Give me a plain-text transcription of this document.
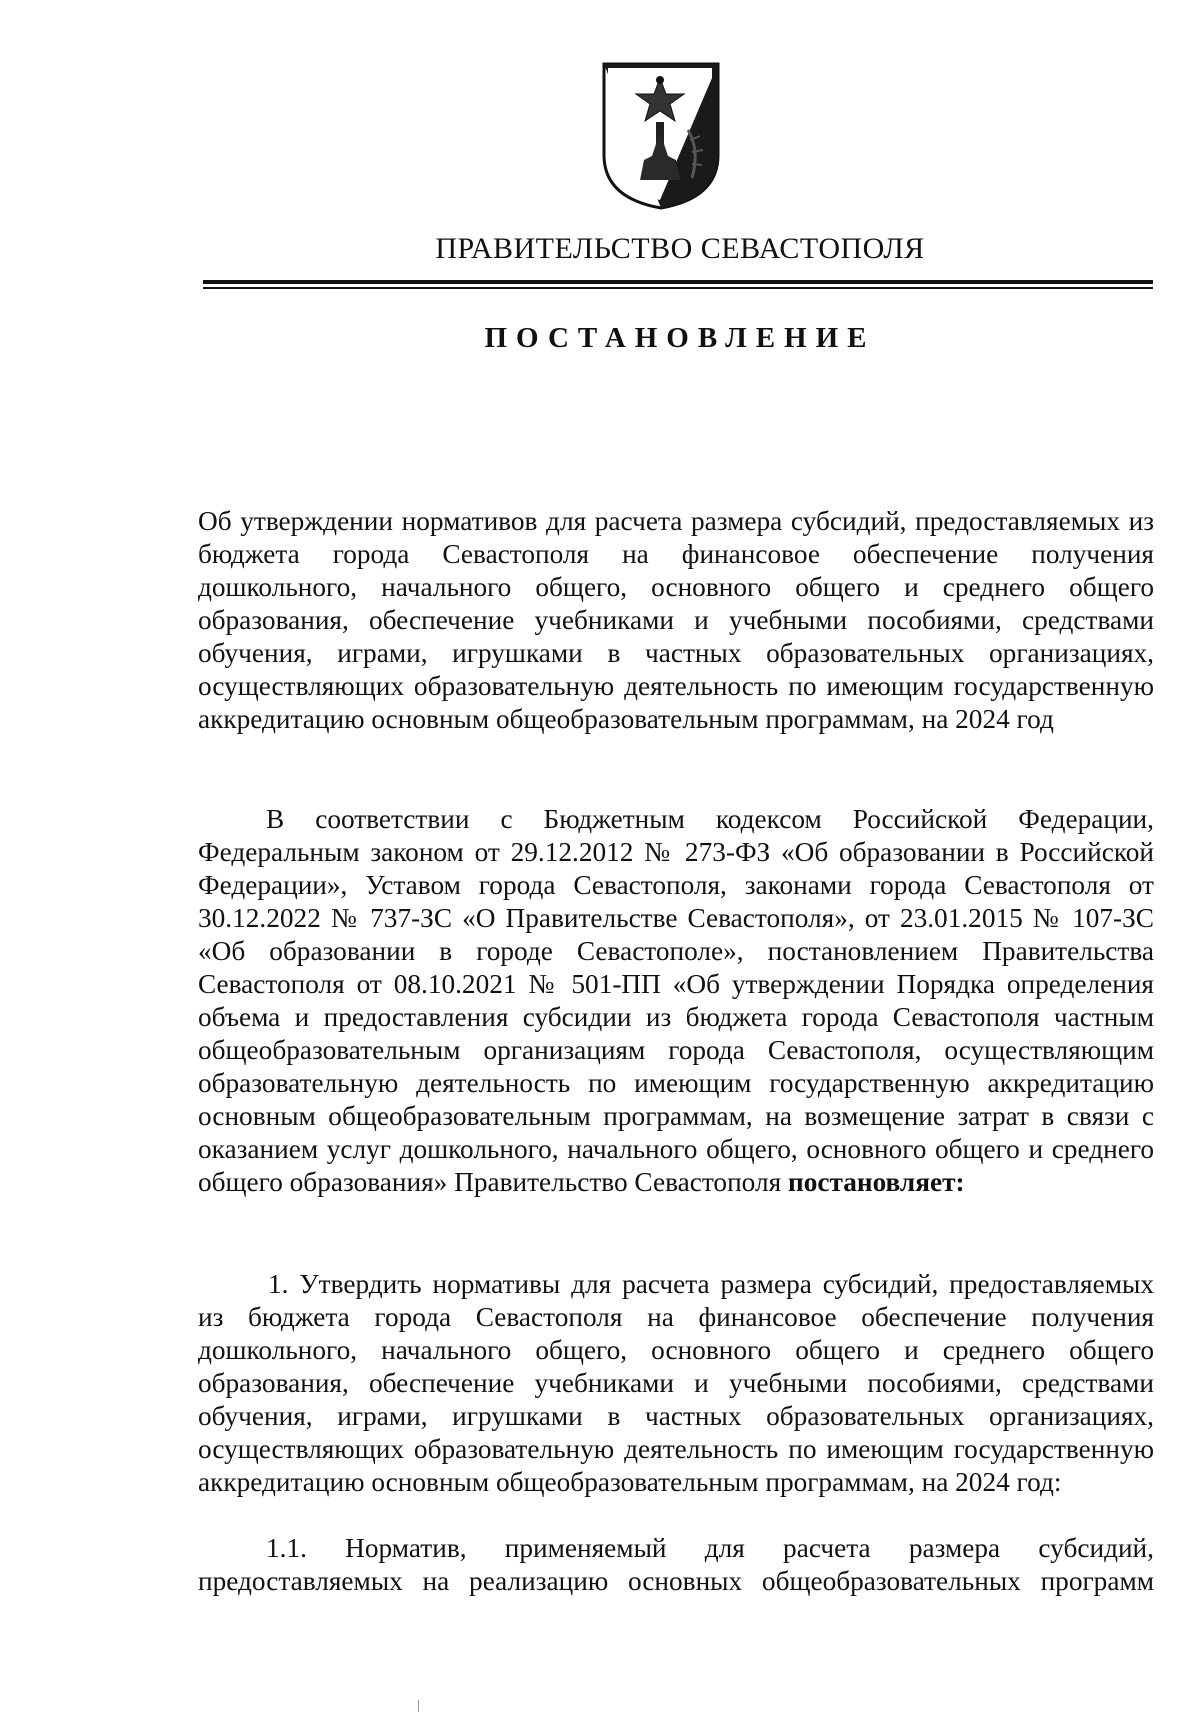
ПРАВИТЕЛЬСТВО СЕВАСТОПОЛЯ
ПОСТАНОВЛЕНИЕ

Об утверждении нормативов для расчета размера субсидий, предоставляемых из бюджета города Севастополя на финансовое обеспечение получения дошкольного, начального общего, основного общего и среднего общего образования, обеспечение учебниками и учебными пособиями, средствами обучения, играми, игрушками в частных образовательных организациях, осуществляющих образовательную деятельность по имеющим государственную аккредитацию основным общеобразовательным программам, на 2024 год

В соответствии с Бюджетным кодексом Российской Федерации, Федеральным законом от 29.12.2012 № 273-ФЗ «Об образовании в Российской Федерации», Уставом города Севастополя, законами города Севастополя от 30.12.2022 № 737-ЗС «О Правительстве Севастополя», от 23.01.2015 № 107-ЗС «Об образовании в городе Севастополе», постановлением Правительства Севастополя от 08.10.2021 № 501-ПП «Об утверждении Порядка определения объема и предоставления субсидии из бюджета города Севастополя частным общеобразовательным организациям города Севастополя, осуществляющим образовательную деятельность по имеющим государственную аккредитацию основным общеобразовательным программам, на возмещение затрат в связи с оказанием услуг дошкольного, начального общего, основного общего и среднего общего образования» Правительство Севастополя постановляет:

1. Утвердить нормативы для расчета размера субсидий, предоставляемых из бюджета города Севастополя на финансовое обеспечение получения дошкольного, начального общего, основного общего и среднего общего образования, обеспечение учебниками и учебными пособиями, средствами обучения, играми, игрушками в частных образовательных организациях, осуществляющих образовательную деятельность по имеющим государственную аккредитацию основным общеобразовательным программам, на 2024 год:

1.1. Норматив, применяемый для расчета размера субсидий, предоставляемых на реализацию основных общеобразовательных программ
